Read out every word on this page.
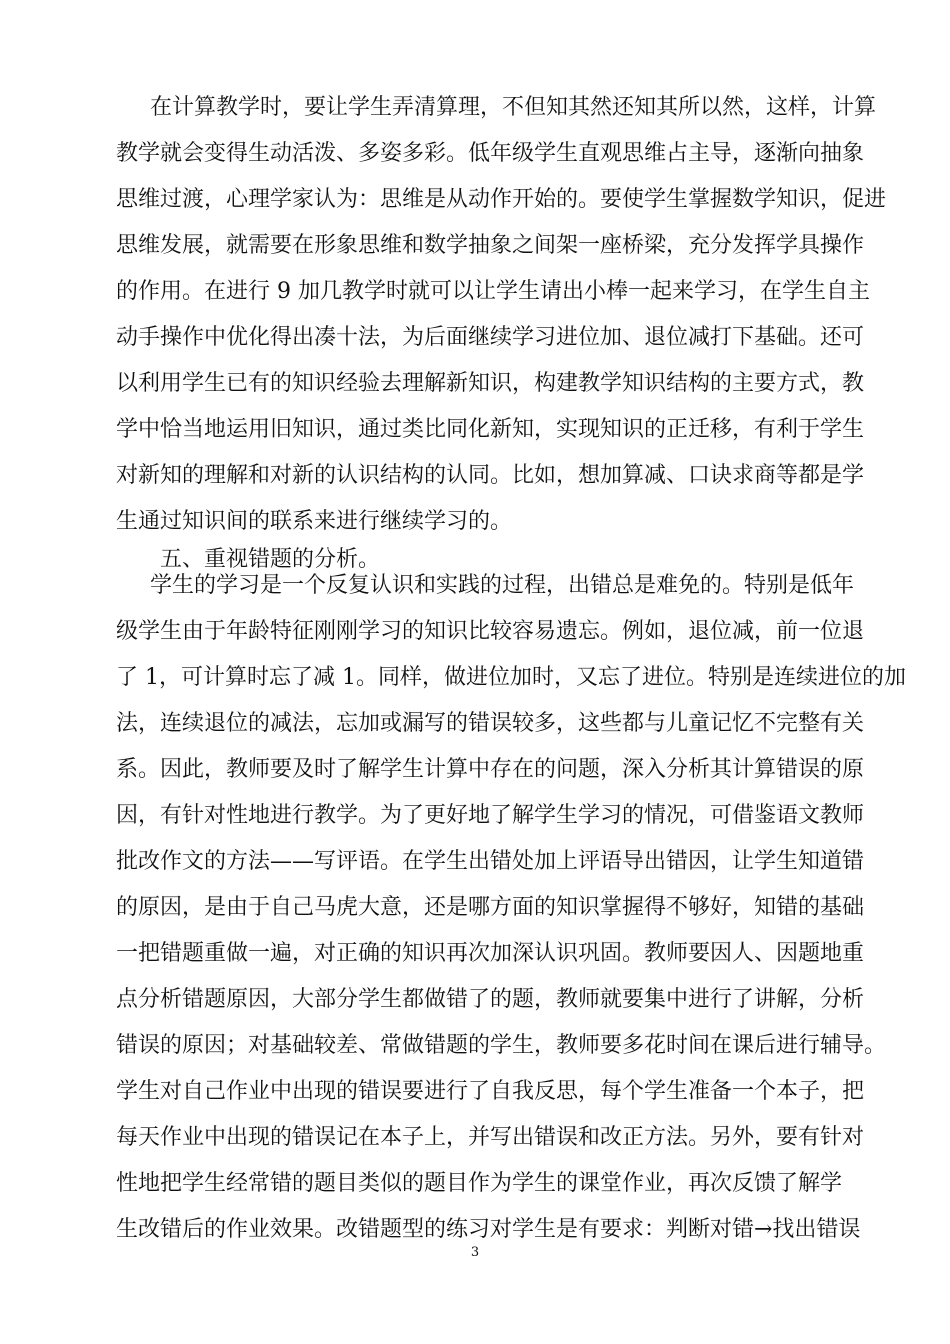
在计算教学时，要让学生弄清算理，不但知其然还知其所以然，这样，计算
教学就会变得生动活泼、多姿多彩。低年级学生直观思维占主导，逐渐向抽象
思维过渡，心理学家认为：思维是从动作开始的。要使学生掌握数学知识，促进
思维发展，就需要在形象思维和数学抽象之间架一座桥梁，充分发挥学具操作
的作用。在进行 9 加几教学时就可以让学生请出小棒一起来学习，在学生自主
动手操作中优化得出凑十法，为后面继续学习进位加、退位减打下基础。还可
以利用学生已有的知识经验去理解新知识，构建教学知识结构的主要方式，教
学中恰当地运用旧知识，通过类比同化新知，实现知识的正迁移，有利于学生
对新知的理解和对新的认识结构的认同。比如，想加算减、口诀求商等都是学
生通过知识间的联系来进行继续学习的。
五、重视错题的分析。
学生的学习是一个反复认识和实践的过程，出错总是难免的。特别是低年
级学生由于年龄特征刚刚学习的知识比较容易遗忘。例如，退位减，前一位退
了 1，可计算时忘了减 1。同样，做进位加时，又忘了进位。特别是连续进位的加
法，连续退位的减法，忘加或漏写的错误较多，这些都与儿童记忆不完整有关
系。因此，教师要及时了解学生计算中存在的问题，深入分析其计算错误的原
因，有针对性地进行教学。为了更好地了解学生学习的情况，可借鉴语文教师
批改作文的方法——写评语。在学生出错处加上评语导出错因，让学生知道错
的原因，是由于自己马虎大意，还是哪方面的知识掌握得不够好，知错的基础
一把错题重做一遍，对正确的知识再次加深认识巩固。教师要因人、因题地重
点分析错题原因，大部分学生都做错了的题，教师就要集中进行了讲解，分析
错误的原因；对基础较差、常做错题的学生，教师要多花时间在课后进行辅导。
学生对自己作业中出现的错误要进行了自我反思，每个学生准备一个本子，把
每天作业中出现的错误记在本子上，并写出错误和改正方法。另外，要有针对
性地把学生经常错的题目类似的题目作为学生的课堂作业，再次反馈了解学
生改错后的作业效果。改错题型的练习对学生是有要求：判断对错→找出错误
3
